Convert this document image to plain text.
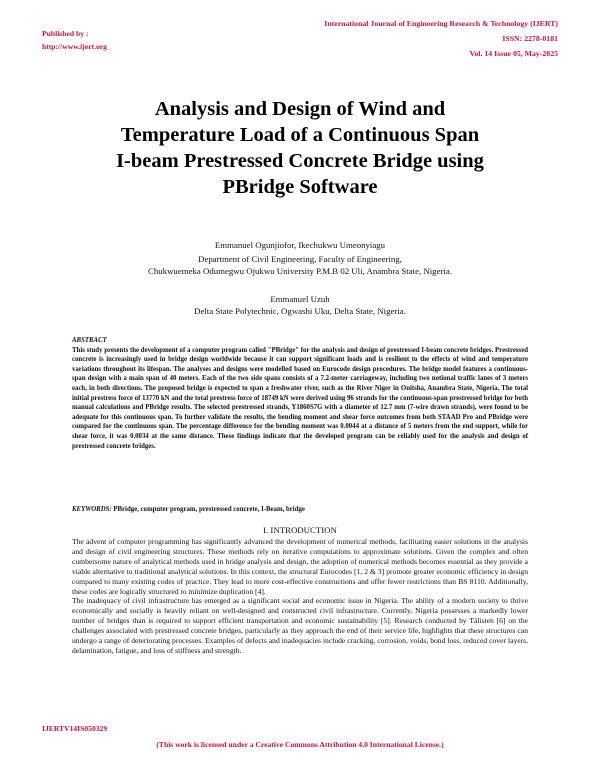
Published by :
http://www.ijert.org
International Journal of Engineering Research & Technology (IJERT)
ISSN: 2278-0181
Vol. 14 Issue 05, May-2025
Analysis and Design of Wind and
Temperature Load of a Continuous Span
I-beam Prestressed Concrete Bridge using
PBridge Software
Emmanuel Ogunjiofor, Ikechukwu Umeonyiagu
Department of Civil Engineering, Faculty of Engineering,
Chukwuemeka Odumegwu Ojukwu University P.M.B 02 Uli, Anambra State, Nigeria.
Emmanuel Uzuh
Delta State Polytechnic, Ogwashi Uku, Delta State, Nigeria.
ABSTRACT
This study presents the development of a computer program called "PBridge" for the analysis and design of prestressed I-beam concrete bridges. Prestressed concrete is increasingly used in bridge design worldwide because it can support significant loads and is resilient to the effects of wind and temperature variations throughout its lifespan. The analyses and designs were modelled based on Eurocode design procedures. The bridge model features a continuous-span design with a main span of 40 meters. Each of the two side spans consists of a 7.2-meter carriageway, including two notional traffic lanes of 3 meters each, in both directions. The proposed bridge is expected to span a freshwater river, such as the River Niger in Onitsha, Anambra State, Nigeria. The total initial prestress force of 13770 kN and the total prestress force of 18749 kN were derived using 96 strands for the continuous-span prestressed bridge for both manual calculations and PBridge results. The selected prestressed strands, Y1860S7G with a diameter of 12.7 mm (7-wire drawn strands), were found to be adequate for this continuous span. To further validate the results, the bending moment and shear force outcomes from both STAAD Pro and PBridge were compared for the continuous span. The percentage difference for the bending moment was 0.0044 at a distance of 5 meters from the end support, while for shear force, it was 0.0034 at the same distance. These findings indicate that the developed program can be reliably used for the analysis and design of prestressed concrete bridges.
KEYWORDS: PBridge, computer program, prestressed concrete, I-Beam, bridge
I. INTRODUCTION

The advent of computer programming has significantly advanced the development of numerical methods, facilitating easier solutions in the analysis and design of civil engineering structures. These methods rely on iterative computations to approximate solutions. Given the complex and often cumbersome nature of analytical methods used in bridge analysis and design, the adoption of numerical methods becomes essential as they provide a viable alternative to traditional analytical solutions. In this context, the structural Eurocodes [1, 2 & 3] promote greater economic efficiency in design compared to many existing codes of practice. They lead to more cost-effective constructions and offer fewer restrictions than BS 8110. Additionally, these codes are logically structured to minimize duplication [4].

The inadequacy of civil infrastructure has emerged as a significant social and economic issue in Nigeria. The ability of a modern society to thrive economically and socially is heavily reliant on well-designed and constructed civil infrastructure. Currently, Nigeria possesses a markedly lower number of bridges than is required to support efficient transportation and economic sustainability [5]. Research conducted by Tälisten [6] on the challenges associated with prestressed concrete bridges, particularly as they approach the end of their service life, highlights that these structures can undergo a range of deteriorating processes. Examples of defects and inadequacies include cracking, corrosion, voids, bond loss, reduced cover layers, delamination, fatigue, and loss of stiffness and strength.

IJERTV14IS050329
(This work is licensed under a Creative Commons Attribution 4.0 International License.)
